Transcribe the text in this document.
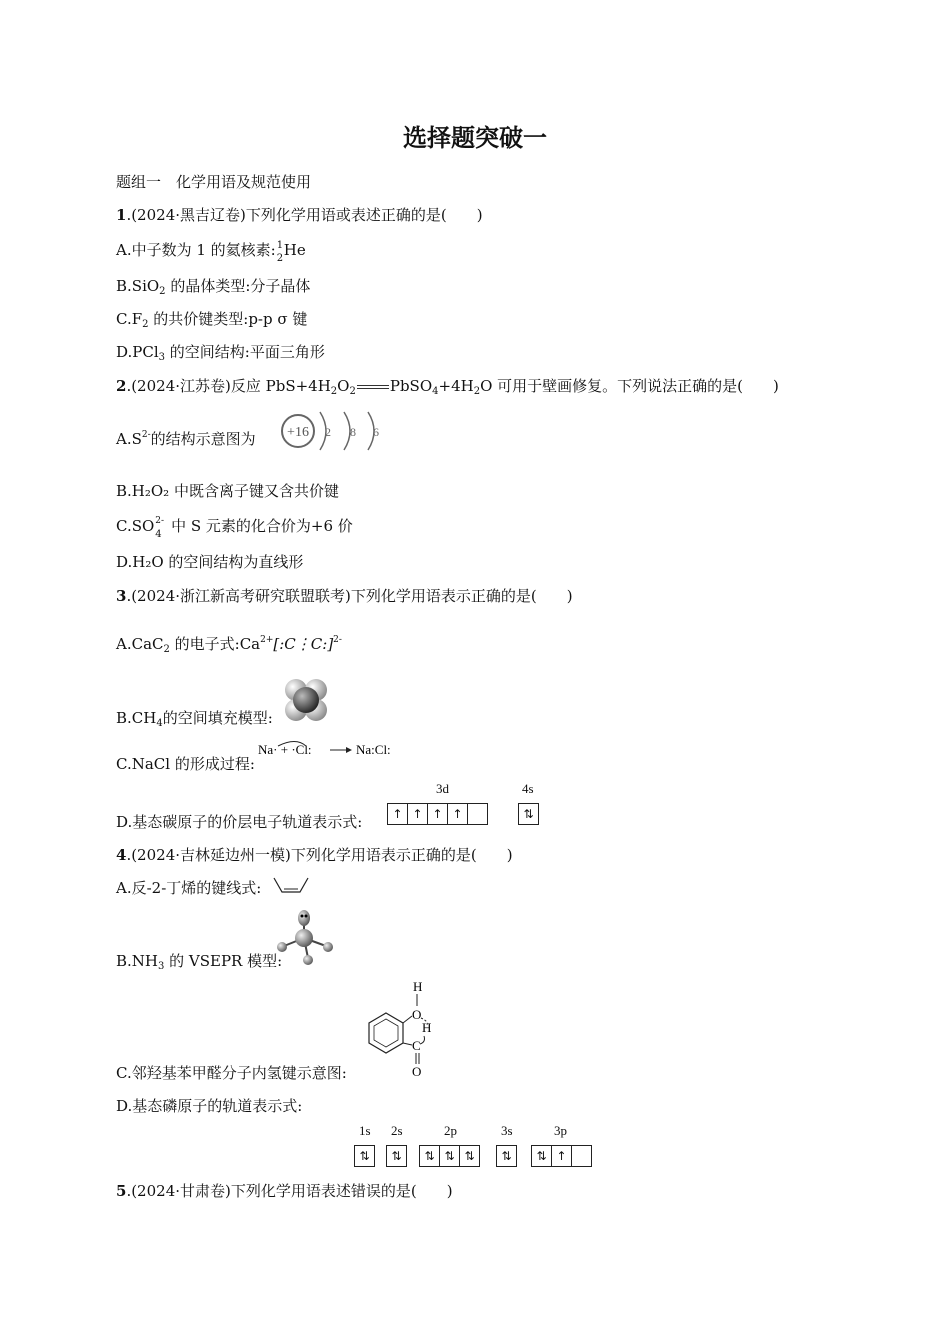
选择题突破一
题组一　化学用语及规范使用
1.(2024·黑吉辽卷)下列化学用语或表述正确的是(　　)
A.中子数为 1 的氦核素: 1
2 He
B.SiO$_2$ 的晶体类型:分子晶体
$C.F_2$ 的共价键类型:p-p σ 键
D.PCl$_3$ 的空间结构:平面三角形
2.(2024·江苏卷)反应 $PbS+4H_2O_2$ $PbSO_4+4H_2O$ 可用于壁画修复。下列说法正确的是(　　)
$A.S^{2-}$的结构示意图为 +16 2 8 6
B.H₂O₂ 中既含离子键又含共价键
C.SO 2-
4 中 S 元素的化合价为+6 价
D.H₂O 的空间结构为直线形
3.(2024·浙江新高考研究联盟联考)下列化学用语表示正确的是(　　)
A.CaC$_2$ 的电子式$:Ca^{2+}[:C⋮C:]^{2-}$
$B.CH_4$的空间填充模型:
C.NaCl 的形成过程:
Na· + ·Cl:	Na:Cl:
D.基态碳原子的价层电子轨道表示式:
3d
↑ ↑ ↑ ↑
4s
⇅
4.(2024·吉林延边州一模)下列化学用语表示正确的是(　　)
A.反-2-丁烯的键线式:
$B.NH_3$ 的 VSEPR 模型:
H
O
H
C
O
C.邻羟基苯甲醛分子内氢键示意图:
D.基态磷原子的轨道表示式:
1s
⇅
2s
⇅
2p
⇅ ⇅ ⇅
3s
⇅
3p
⇅ ↑
5.(2024·甘肃卷)下列化学用语表述错误的是(　　)
